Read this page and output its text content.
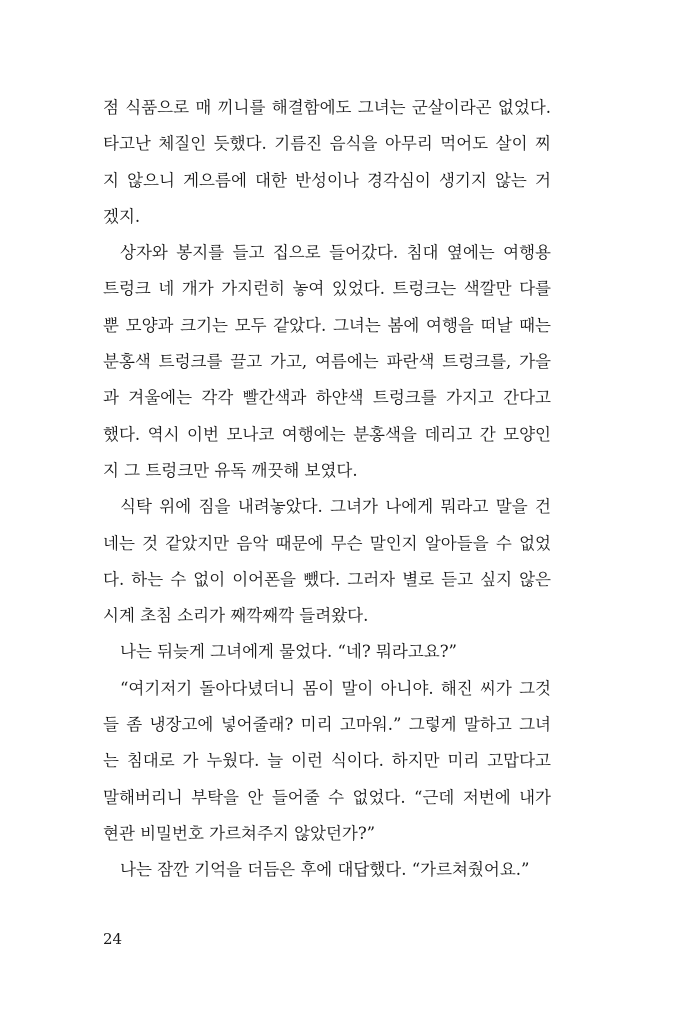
점 식품으로 매 끼니를 해결함에도 그녀는 군살이라곤 없었다.
타고난 체질인 듯했다. 기름진 음식을 아무리 먹어도 살이 찌
지 않으니 게으름에 대한 반성이나 경각심이 생기지 않는 거
겠지.
상자와 봉지를 들고 집으로 들어갔다. 침대 옆에는 여행용
트렁크 네 개가 가지런히 놓여 있었다. 트렁크는 색깔만 다를
뿐 모양과 크기는 모두 같았다. 그녀는 봄에 여행을 떠날 때는
분홍색 트렁크를 끌고 가고, 여름에는 파란색 트렁크를, 가을
과 겨울에는 각각 빨간색과 하얀색 트렁크를 가지고 간다고
했다. 역시 이번 모나코 여행에는 분홍색을 데리고 간 모양인
지 그 트렁크만 유독 깨끗해 보였다.
식탁 위에 짐을 내려놓았다. 그녀가 나에게 뭐라고 말을 건
네는 것 같았지만 음악 때문에 무슨 말인지 알아들을 수 없었
다. 하는 수 없이 이어폰을 뺐다. 그러자 별로 듣고 싶지 않은
시계 초침 소리가 째깍째깍 들려왔다.
나는 뒤늦게 그녀에게 물었다. “네? 뭐라고요?”
“여기저기 돌아다녔더니 몸이 말이 아니야. 해진 씨가 그것
들 좀 냉장고에 넣어줄래? 미리 고마워.” 그렇게 말하고 그녀
는 침대로 가 누웠다. 늘 이런 식이다. 하지만 미리 고맙다고
말해버리니 부탁을 안 들어줄 수 없었다. “근데 저번에 내가
현관 비밀번호 가르쳐주지 않았던가?”
나는 잠깐 기억을 더듬은 후에 대답했다. “가르쳐줬어요.”
24
